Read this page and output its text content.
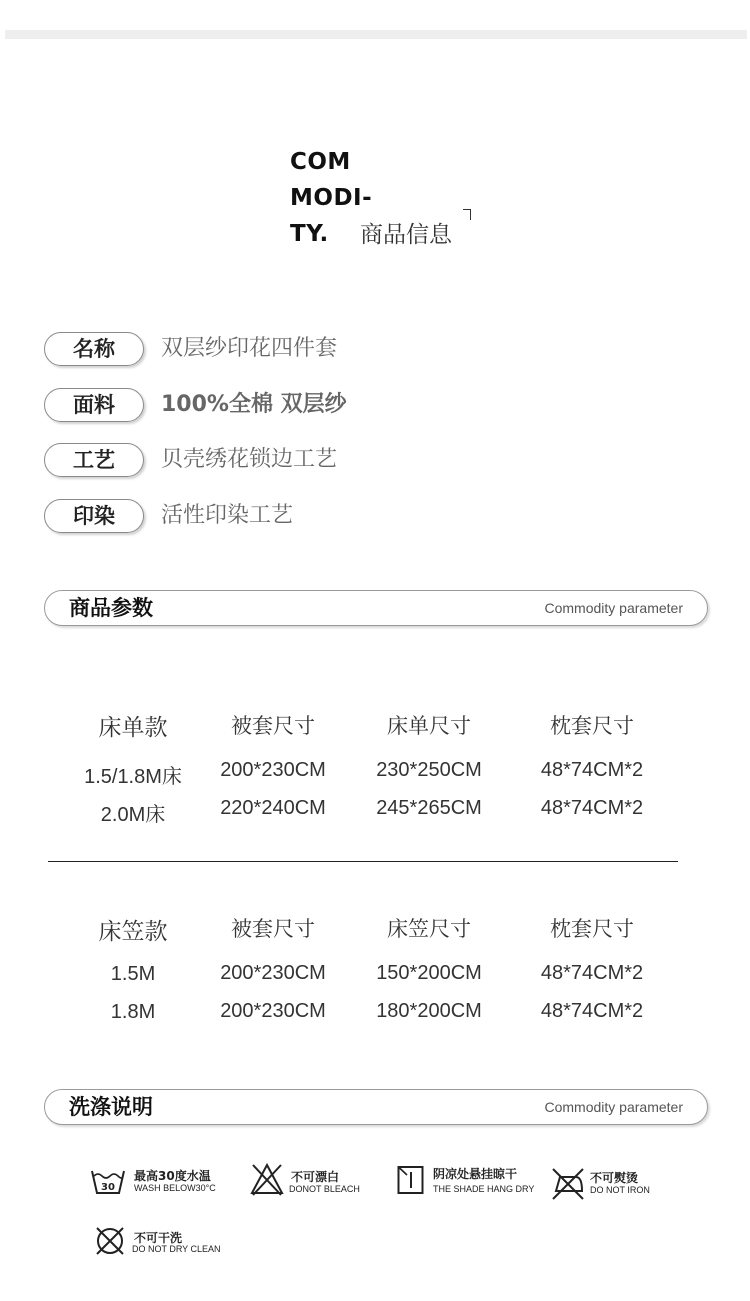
COM
MODI-
TY.	商品信息
名称	双层纱印花四件套
面料	100%全棉 双层纱
工艺	贝壳绣花锁边工艺
印染	活性印染工艺
商品参数	Commodity parameter
床单款	被套尺寸	床单尺寸	枕套尺寸
1.5/1.8M床	200*230CM	230*250CM	48*74CM*2
2.0M床	220*240CM	245*265CM	48*74CM*2
床笠款	被套尺寸	床笠尺寸	枕套尺寸
1.5M	200*230CM	150*200CM	48*74CM*2
1.8M	200*230CM	180*200CM	48*74CM*2
洗涤说明	Commodity parameter
30
最高30度水温
WASH BELOW30°C
不可漂白
DONOT BLEACH
阴凉处悬挂晾干
THE SHADE HANG DRY
不可熨烫
DO NOT IRON
不可干洗
DO NOT DRY CLEAN
